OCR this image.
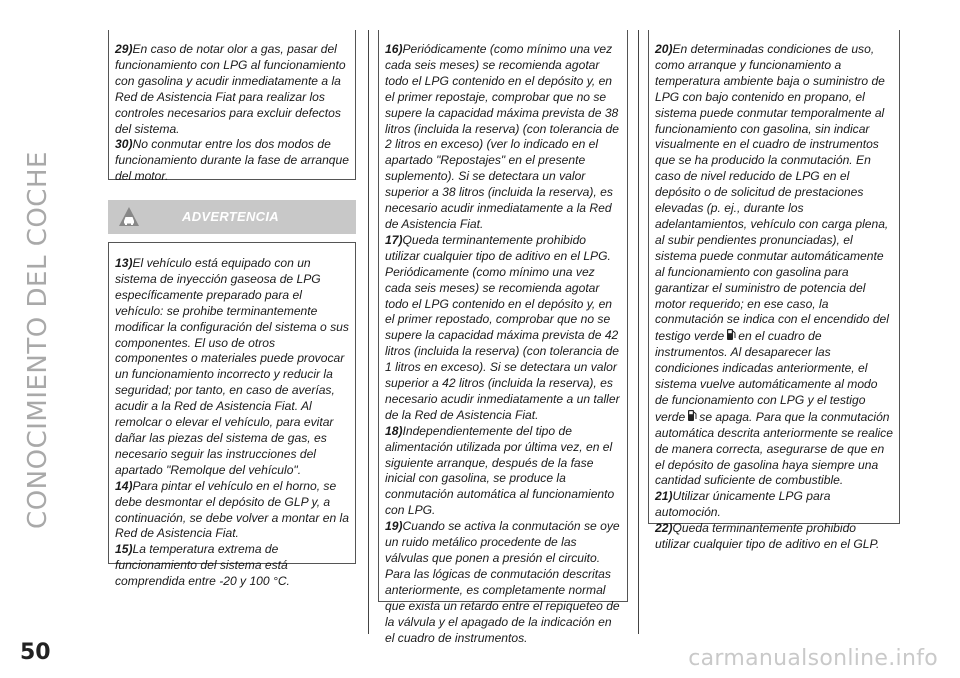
CONOCIMIENTO DEL COCHE

29)En caso de notar olor a gas, pasar del funcionamiento con LPG al funcionamiento con gasolina y acudir inmediatamente a la Red de Asistencia Fiat para realizar los controles necesarios para excluir defectos del sistema.

30)No conmutar entre los dos modos de funcionamiento durante la fase de arranque del motor.

ADVERTENCIA

13)El vehículo está equipado con un sistema de inyección gaseosa de LPG específicamente preparado para el vehículo: se prohibe terminantemente modificar la configuración del sistema o sus componentes. El uso de otros componentes o materiales puede provocar un funcionamiento incorrecto y reducir la seguridad; por tanto, en caso de averías, acudir a la Red de Asistencia Fiat. Al remolcar o elevar el vehículo, para evitar dañar las piezas del sistema de gas, es necesario seguir las instrucciones del apartado "Remolque del vehículo".

14)Para pintar el vehículo en el horno, se debe desmontar el depósito de GLP y, a continuación, se debe volver a montar en la Red de Asistencia Fiat.

15)La temperatura extrema de funcionamiento del sistema está comprendida entre -20 y 100 °C.

16)Periódicamente (como mínimo una vez cada seis meses) se recomienda agotar todo el LPG contenido en el depósito y, en el primer repostaje, comprobar que no se supere la capacidad máxima prevista de 38 litros (incluida la reserva) (con tolerancia de 2 litros en exceso) (ver lo indicado en el apartado "Repostajes" en el presente suplemento). Si se detectara un valor superior a 38 litros (incluida la reserva), es necesario acudir inmediatamente a la Red de Asistencia Fiat.

17)Queda terminantemente prohibido utilizar cualquier tipo de aditivo en el LPG. Periódicamente (como mínimo una vez cada seis meses) se recomienda agotar todo el LPG contenido en el depósito y, en el primer repostado, comprobar que no se supere la capacidad máxima prevista de 42 litros (incluida la reserva) (con tolerancia de 1 litros en exceso). Si se detectara un valor superior a 42 litros (incluida la reserva), es necesario acudir inmediatamente a un taller de la Red de Asistencia Fiat.

18)Independientemente del tipo de alimentación utilizada por última vez, en el siguiente arranque, después de la fase inicial con gasolina, se produce la conmutación automática al funcionamiento con LPG.

19)Cuando se activa la conmutación se oye un ruido metálico procedente de las válvulas que ponen a presión el circuito. Para las lógicas de conmutación descritas anteriormente, es completamente normal que exista un retardo entre el repiqueteo de la válvula y el apagado de la indicación en el cuadro de instrumentos.

20)En determinadas condiciones de uso, como arranque y funcionamiento a temperatura ambiente baja o suministro de LPG con bajo contenido en propano, el sistema puede conmutar temporalmente al funcionamiento con gasolina, sin indicar visualmente en el cuadro de instrumentos que se ha producido la conmutación. En caso de nivel reducido de LPG en el depósito o de solicitud de prestaciones elevadas (p. ej., durante los adelantamientos, vehículo con carga plena, al subir pendientes pronunciadas), el sistema puede conmutar automáticamente al funcionamiento con gasolina para garantizar el suministro de potencia del motor requerido; en ese caso, la conmutación se indica con el encendido del testigo verde en el cuadro de instrumentos. Al desaparecer las condiciones indicadas anteriormente, el sistema vuelve automáticamente al modo de funcionamiento con LPG y el testigo verde se apaga. Para que la conmutación automática descrita anteriormente se realice de manera correcta, asegurarse de que en el depósito de gasolina haya siempre una cantidad suficiente de combustible.

21)Utilizar únicamente LPG para automoción.

22)Queda terminantemente prohibido utilizar cualquier tipo de aditivo en el GLP.

50	carmanualsonline.info
